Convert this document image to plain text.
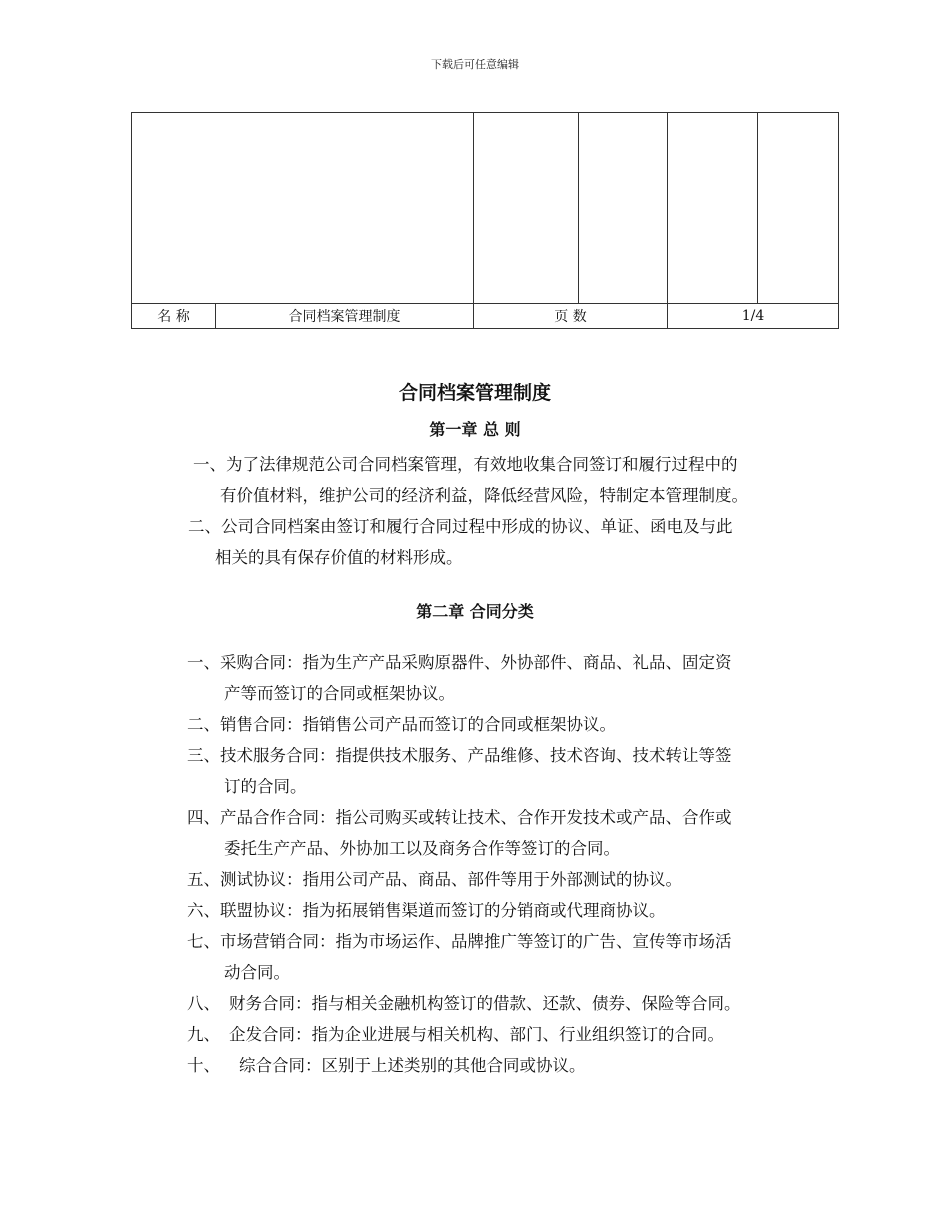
下载后可任意编辑

名 称	合同档案管理制度	页 数		1/4	
合同档案管理制度
第一章 总 则
一、为了法律规范公司合同档案管理，有效地收集合同签订和履行过程中的
有价值材料，维护公司的经济利益，降低经营风险，特制定本管理制度。
二、公司合同档案由签订和履行合同过程中形成的协议、单证、函电及与此
相关的具有保存价值的材料形成。
第二章 合同分类
一、采购合同：指为生产产品采购原器件、外协部件、商品、礼品、固定资
产等而签订的合同或框架协议。
二、销售合同：指销售公司产品而签订的合同或框架协议。
三、技术服务合同：指提供技术服务、产品维修、技术咨询、技术转让等签
订的合同。
四、产品合作合同：指公司购买或转让技术、合作开发技术或产品、合作或
委托生产产品、外协加工以及商务合作等签订的合同。
五、测试协议：指用公司产品、商品、部件等用于外部测试的协议。
六、联盟协议：指为拓展销售渠道而签订的分销商或代理商协议。
七、市场营销合同：指为市场运作、品牌推广等签订的广告、宣传等市场活
动合同。
八、 财务合同：指与相关金融机构签订的借款、还款、债券、保险等合同。
九、 企发合同：指为企业进展与相关机构、部门、行业组织签订的合同。
十、 综合合同：区别于上述类别的其他合同或协议。
